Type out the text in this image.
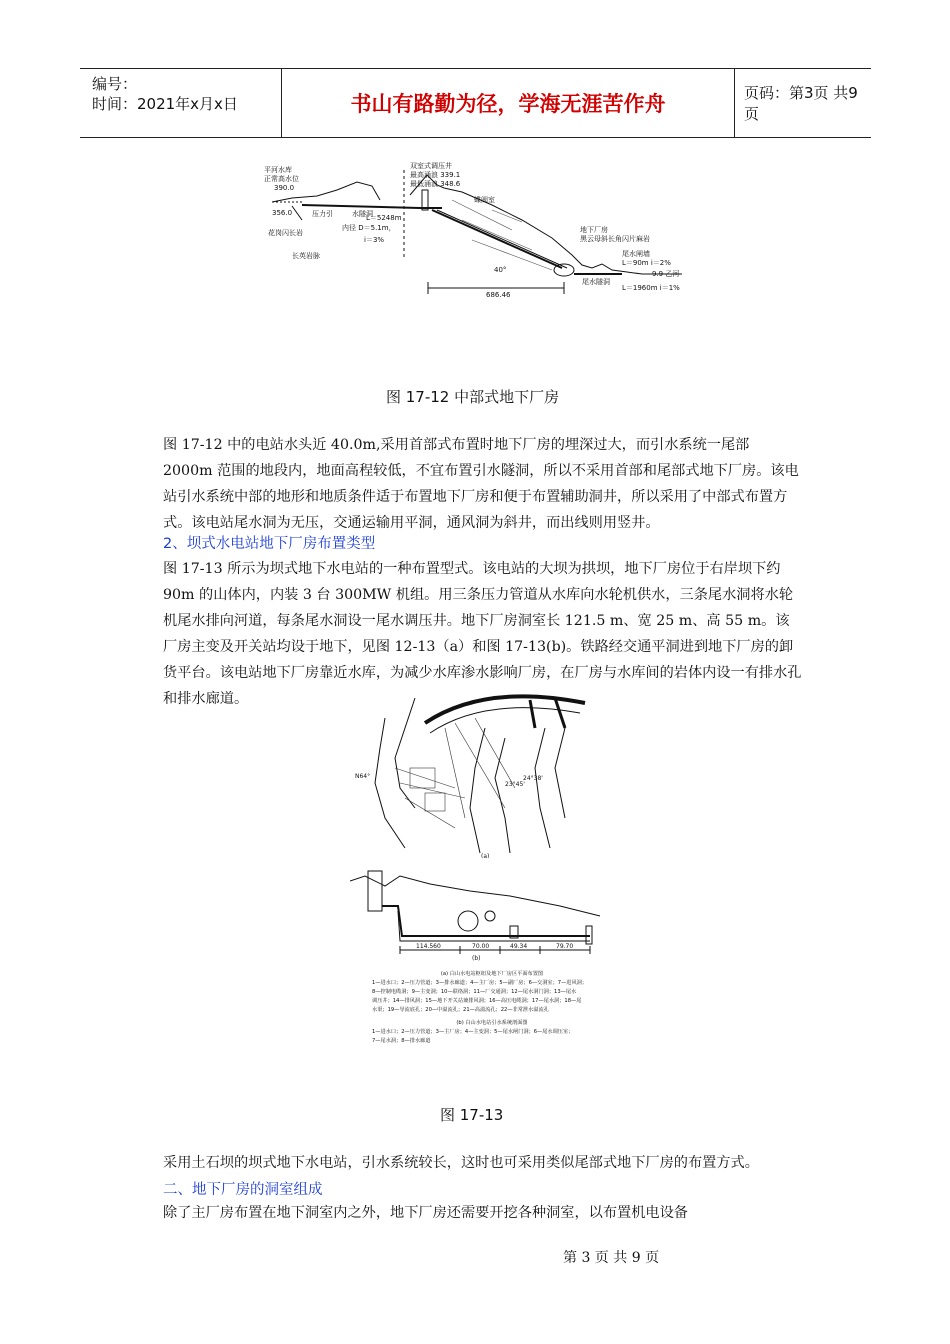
编号：
时间：2021年x月x日	书山有路勤为径，学海无涯苦作舟	页码：第3页 共9页
平河水库
正常高水位
390.0
356.0
花岗闪长岩
长英岩脉
压力引	水隧洞
内径 D＝5.1m，
i＝3%
L＝5248m
双室式调压井
最高涌浪 339.1
最低涌浪 348.6
蝶阀室
地下厂房
黑云母斜长角闪片麻岩
尾水闸墙
L＝90m i＝2%
9.9 乙河
尾水隧洞
L＝1960m i＝1%
40°
686.46
图 17-12 中部式地下厂房

图 17-12 中的电站水头近 40.0m,采用首部式布置时地下厂房的埋深过大，而引水系统一尾部 2000m 范围的地段内，地面高程较低，不宜布置引水隧洞，所以不采用首部和尾部式地下厂房。该电站引水系统中部的地形和地质条件适于布置地下厂房和便于布置辅助洞井，所以采用了中部式布置方式。该电站尾水洞为无压，交通运输用平洞，通风洞为斜井，而出线则用竖井。

2、坝式水电站地下厂房布置类型

图 17-13 所示为坝式地下水电站的一种布置型式。该电站的大坝为拱坝，地下厂房位于右岸坝下约 90m 的山体内，内装 3 台 300MW 机组。用三条压力管道从水库向水轮机供水，三条尾水洞将水轮机尾水排向河道，每条尾水洞设一尾水调压井。地下厂房洞室长 121.5 m、宽 25 m、高 55 m。该厂房主变及开关站均设于地下，见图 12-13（a）和图 17-13(b)。铁路经交通平洞进到地下厂房的卸货平台。该电站地下厂房靠近水库，为减少水库渗水影响厂房，在厂房与水库间的岩体内设一有排水孔和排水廊道。

N64°
23°45'
24°38'
(a)
114.560	70.00	49.34	79.70
(b)
(a) 白山水电站枢纽及地下厂房区平面布置图
1—进水口；2—压力管道；3—排水廊道；4—主厂房；5—副厂房；6—交洞室；7—进风洞；
8—控制电缆洞；9—主变洞；10—联络洞；11—厂交通洞；12—尾水洞门洞；13—尾水
调压井；14—排风洞；15—地下开关站兼排风洞；16—高压电缆洞；17—尾水洞；18—尾
水渠；19—导流底孔；20—中溢流孔；21—高溢流孔；22—非常泄水溢流孔
(b) 白山水电站引水系统剖面图
1—进水口；2—压力管道；3—主厂房；4—主变洞；5—尾水闸门洞；6—尾水调压室；
7—尾水洞；8—排水廊道
图 17-13

采用土石坝的坝式地下水电站，引水系统较长，这时也可采用类似尾部式地下厂房的布置方式。

二、地下厂房的洞室组成

除了主厂房布置在地下洞室内之外，地下厂房还需要开挖各种洞室，以布置机电设备

第 3 页 共 9 页
